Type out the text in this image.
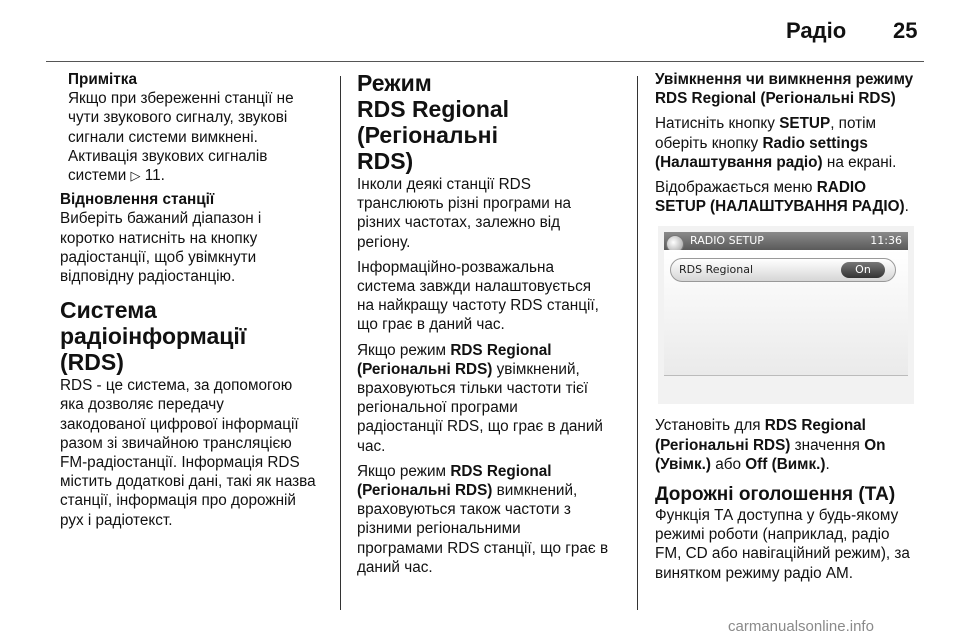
Радіо 25
Примітка
Якщо при збереженні станції не
чути звукового сигналу, звукові
сигнали системи вимкнені.
Активація звукових сигналів
системи ▷ 11.
Відновлення станції
Виберіть бажаний діапазон і
коротко натисніть на кнопку
радіостанції, щоб увімкнути
відповідну радіостанцію.
Система радіоінформації
(RDS)
RDS - це система, за допомогою
яка дозволяє передачу
закодованої цифрової інформації
разом зі звичайною трансляцією
FM-радіостанції. Інформація RDS
містить додаткові дані, такі як назва
станції, інформація про дорожній
рух і радіотекст.
Режим
RDS Regional (Регіональні
RDS)
Інколи деякі станції RDS
транслюють різні програми на
різних частотах, залежно від
регіону.

Інформаційно-розважальна
система завжди налаштовується
на найкращу частоту RDS станції,
що грає в даний час.

Якщо режим RDS Regional
(Регіональні RDS) увімкнений,
враховуються тільки частоти тієї
регіональної програми
радіостанції RDS, що грає в даний
час.

Якщо режим RDS Regional
(Регіональні RDS) вимкнений,
враховуються також частоти з
різними регіональними
програмами RDS станції, що грає в
даний час.

Увімкнення чи вимкнення режиму
RDS Regional (Регіональні RDS)

Натисніть кнопку SETUP, потім
оберіть кнопку Radio settings
(Налаштування радіо) на екрані.

Відображається меню RADIO
SETUP (НАЛАШТУВАННЯ РАДІО).

RADIO SETUP	11:36
RDS Regional	On

Установіть для RDS Regional
(Регіональні RDS) значення On
(Увімк.) або Off (Вимк.).

Дорожні оголошення (ТА)
Функція ТА доступна у будь-якому
режимі роботи (наприклад, радіо
FM, CD або навігаційний режим), за
винятком режиму радіо AM.
carmanualsonline.info
